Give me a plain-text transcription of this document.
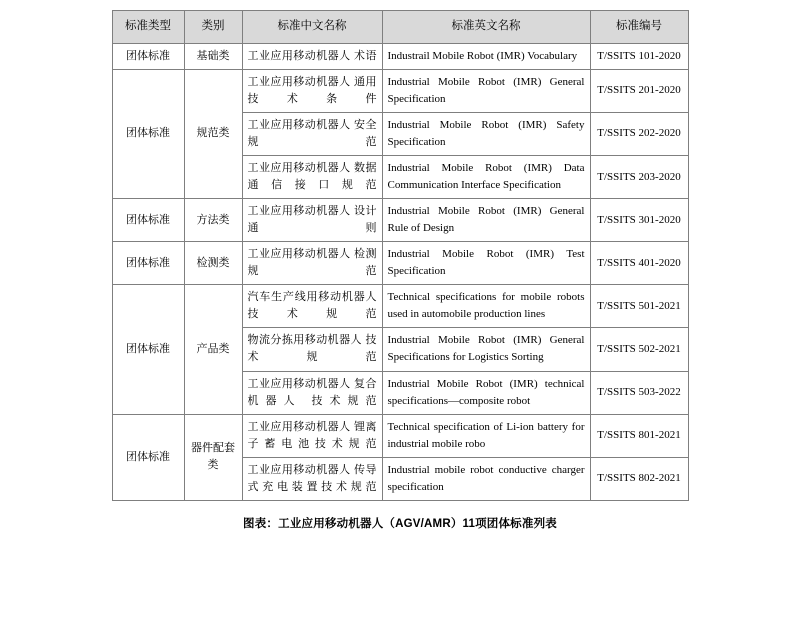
标准类型	类别	标准中文名称	标准英文名称	标准编号
团体标准	基础类	工业应用移动机器人 术语	Industrail Mobile Robot (IMR) Vocabulary	T/SSITS 101-2020
团体标准	规范类	工业应用移动机器人 通用技术条件	Industrial Mobile Robot (IMR) General Specification	T/SSITS 201-2020
		工业应用移动机器人 安全规范	Industrial Mobile Robot (IMR) Safety Specification	T/SSITS 202-2020
		工业应用移动机器人 数据通信接口规范	Industrial Mobile Robot (IMR) Data Communication Interface Specification	T/SSITS 203-2020
团体标准	方法类	工业应用移动机器人 设计通则	Industrial Mobile Robot (IMR) General Rule of Design	T/SSITS 301-2020
团体标准	检测类	工业应用移动机器人 检测规范	Industrial Mobile Robot (IMR) Test Specification	T/SSITS 401-2020
团体标准	产品类	汽车生产线用移动机器人技术规范	Technical specifications for mobile robots used in automobile production lines	T/SSITS 501-2021
		物流分拣用移动机器人 技术规范	Industrial Mobile Robot (IMR) General Specifications for Logistics Sorting	T/SSITS 502-2021
		工业应用移动机器人 复合机器人 技术规范	Industrial Mobile Robot (IMR) technical specifications—composite robot	T/SSITS 503-2022
团体标准	器件配套类	工业应用移动机器人 锂离子蓄电池技术规范	Technical specification of Li-ion battery for industrial mobile robo	T/SSITS 801-2021
		工业应用移动机器人 传导式充电装置技术规范	Industrial mobile robot conductive charger specification	T/SSITS 802-2021
图表：工业应用移动机器人（AGV/AMR）11项团体标准列表
